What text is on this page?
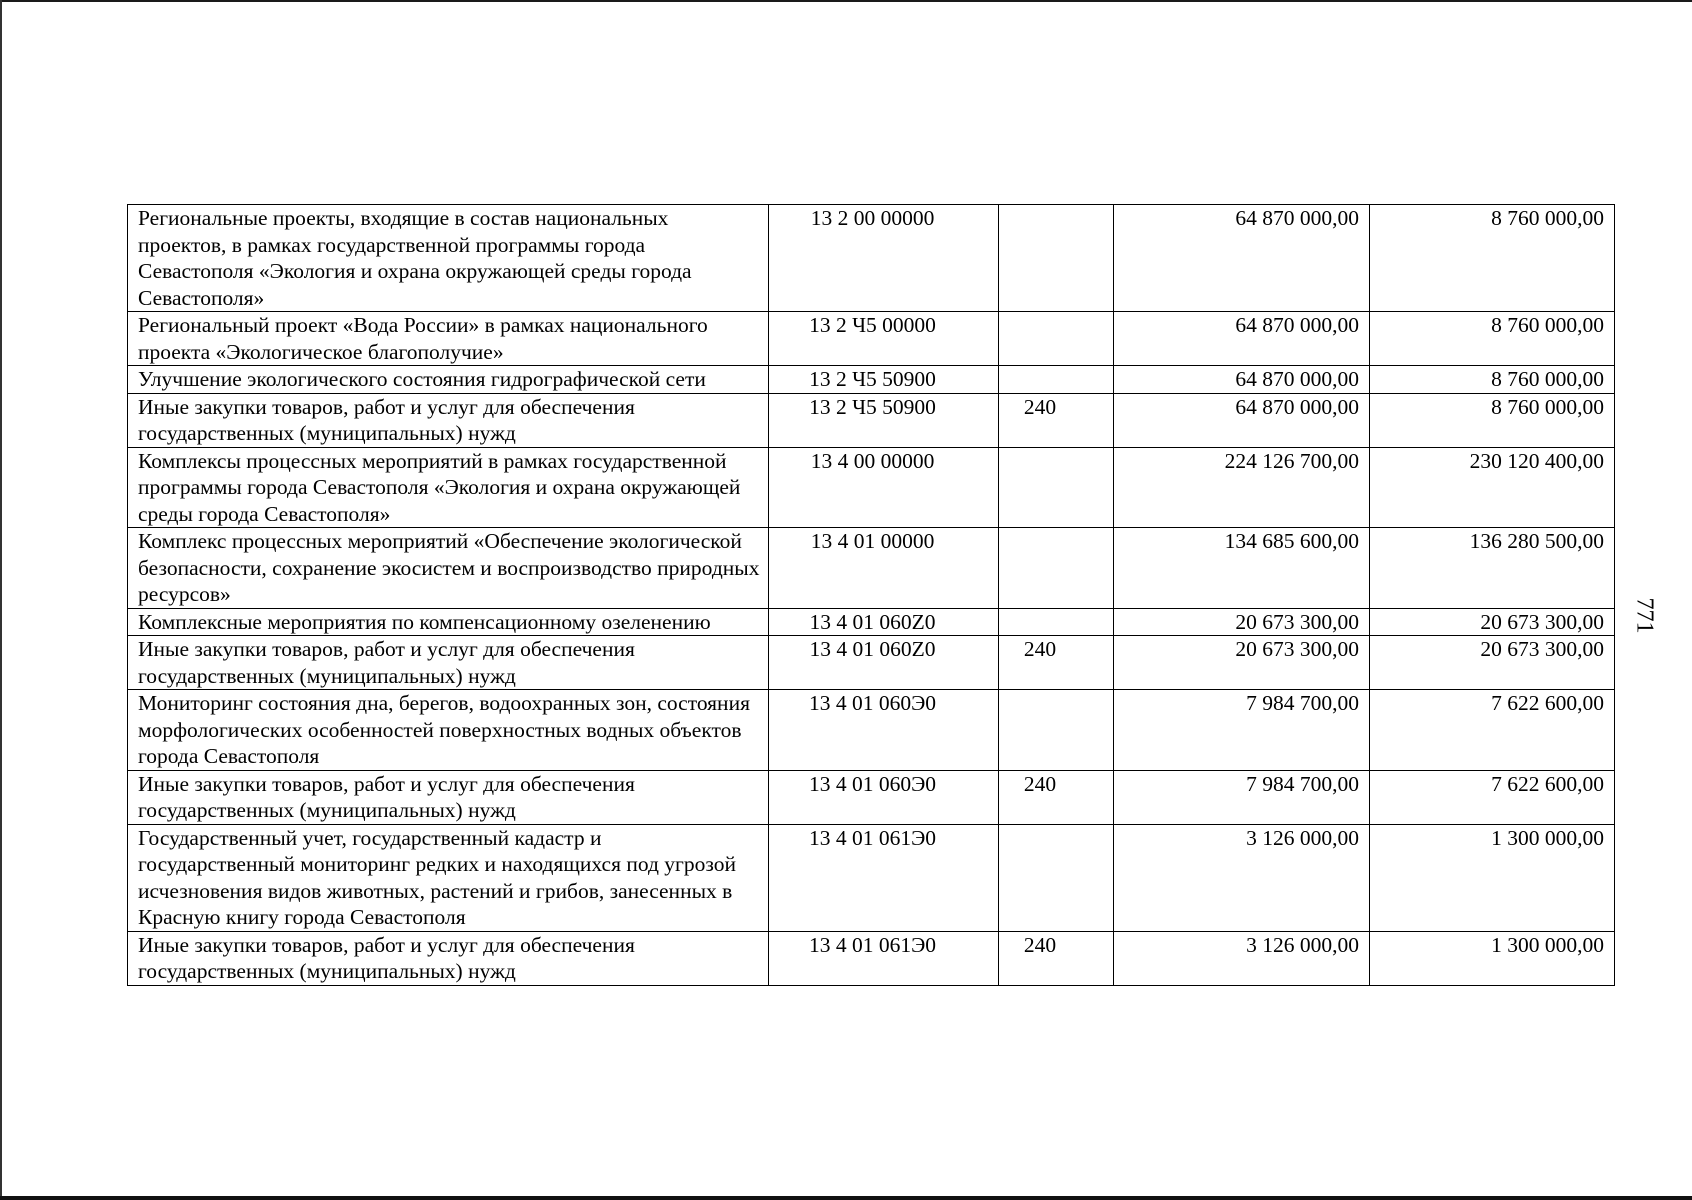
Региональные проекты, входящие в состав национальных проектов, в рамках государственной программы города Севастополя «Экология и охрана окружающей среды города Севастополя»	13 2 00 00000		64 870 000,00	8 760 000,00
Региональный проект «Вода России» в рамках национального проекта «Экологическое благополучие»	13 2 Ч5 00000		64 870 000,00	8 760 000,00
Улучшение экологического состояния гидрографической сети	13 2 Ч5 50900		64 870 000,00	8 760 000,00
Иные закупки товаров, работ и услуг для обеспечения государственных (муниципальных) нужд	13 2 Ч5 50900	240	64 870 000,00	8 760 000,00
Комплексы процессных мероприятий в рамках государственной программы города Севастополя «Экология и охрана окружающей среды города Севастополя»	13 4 00 00000		224 126 700,00	230 120 400,00
Комплекс процессных мероприятий «Обеспечение экологической безопасности, сохранение экосистем и воспроизводство природных ресурсов»	13 4 01 00000		134 685 600,00	136 280 500,00
Комплексные мероприятия по компенсационному озеленению	13 4 01 060Z0		20 673 300,00	20 673 300,00
Иные закупки товаров, работ и услуг для обеспечения государственных (муниципальных) нужд	13 4 01 060Z0	240	20 673 300,00	20 673 300,00
Мониторинг состояния дна, берегов, водоохранных зон, состояния морфологических особенностей поверхностных водных объектов города Севастополя	13 4 01 060Э0		7 984 700,00	7 622 600,00
Иные закупки товаров, работ и услуг для обеспечения государственных (муниципальных) нужд	13 4 01 060Э0	240	7 984 700,00	7 622 600,00
Государственный учет, государственный кадастр и государственный мониторинг редких и находящихся под угрозой исчезновения видов животных, растений и грибов, занесенных в Красную книгу города Севастополя	13 4 01 061Э0		3 126 000,00	1 300 000,00
Иные закупки товаров, работ и услуг для обеспечения государственных (муниципальных) нужд	13 4 01 061Э0	240	3 126 000,00	1 300 000,00
771
